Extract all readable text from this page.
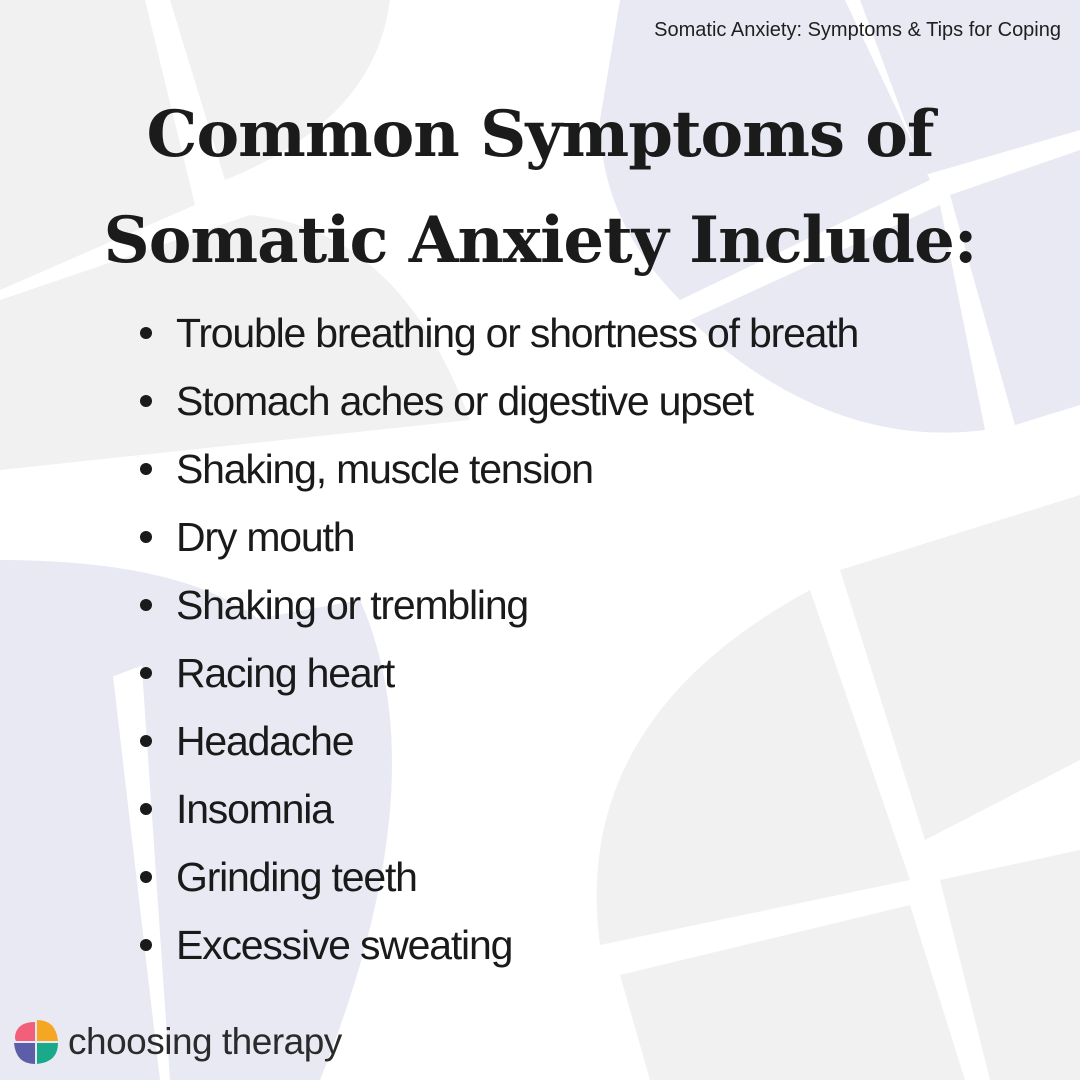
Somatic Anxiety: Symptoms & Tips for Coping
Common Symptoms of
Somatic Anxiety Include:
Trouble breathing or shortness of breath
Stomach aches or digestive upset
Shaking, muscle tension
Dry mouth
Shaking or trembling
Racing heart
Headache
Insomnia
Grinding teeth
Excessive sweating
choosing therapy
